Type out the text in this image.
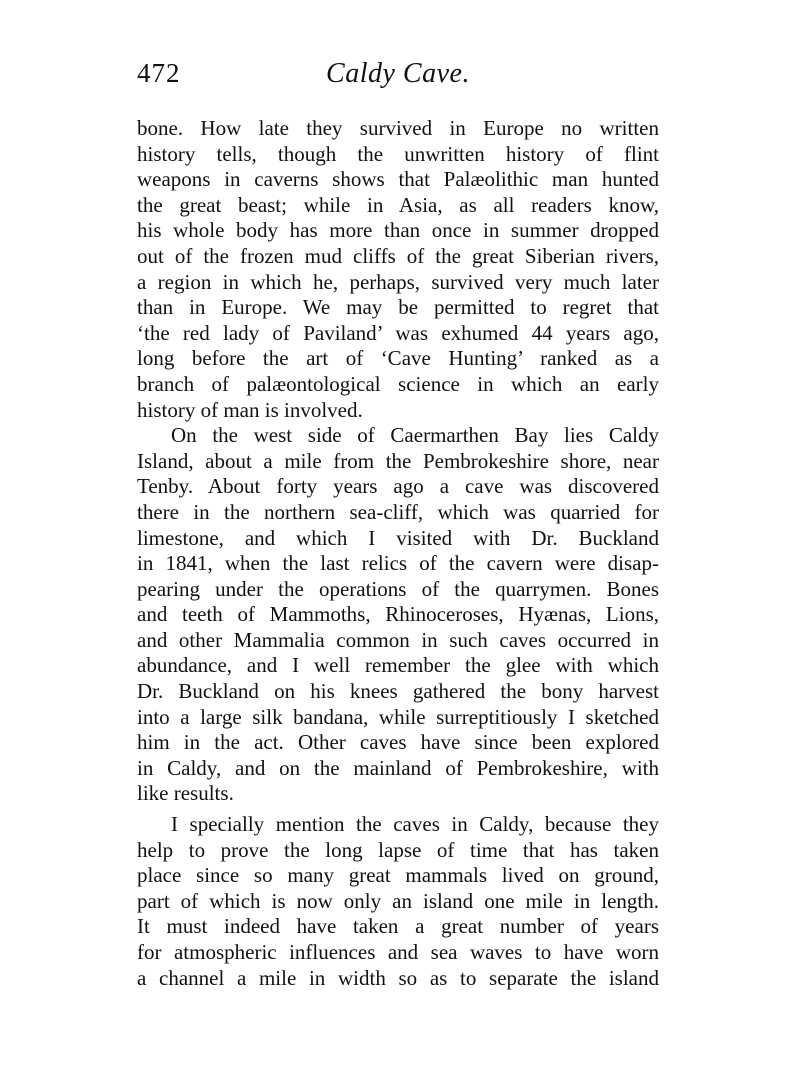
472	Caldy Cave.
bone. How late they survived in Europe no written
history tells, though the unwritten history of flint
weapons in caverns shows that Palæolithic man hunted
the great beast; while in Asia, as all readers know,
his whole body has more than once in summer dropped
out of the frozen mud cliffs of the great Siberian rivers,
a region in which he, perhaps, survived very much later
than in Europe. We may be permitted to regret that
‘the red lady of Paviland’ was exhumed 44 years ago,
long before the art of ‘Cave Hunting’ ranked as a
branch of palæontological science in which an early
history of man is involved.
On the west side of Caermarthen Bay lies Caldy
Island, about a mile from the Pembrokeshire shore, near
Tenby. About forty years ago a cave was discovered
there in the northern sea-cliff, which was quarried for
limestone, and which I visited with Dr. Buckland
in 1841, when the last relics of the cavern were disap-
pearing under the operations of the quarrymen. Bones
and teeth of Mammoths, Rhinoceroses, Hyænas, Lions,
and other Mammalia common in such caves occurred in
abundance, and I well remember the glee with which
Dr. Buckland on his knees gathered the bony harvest
into a large silk bandana, while surreptitiously I sketched
him in the act. Other caves have since been explored
in Caldy, and on the mainland of Pembrokeshire, with
like results.
I specially mention the caves in Caldy, because they
help to prove the long lapse of time that has taken
place since so many great mammals lived on ground,
part of which is now only an island one mile in length.
It must indeed have taken a great number of years
for atmospheric influences and sea waves to have worn
a channel a mile in width so as to separate the island
